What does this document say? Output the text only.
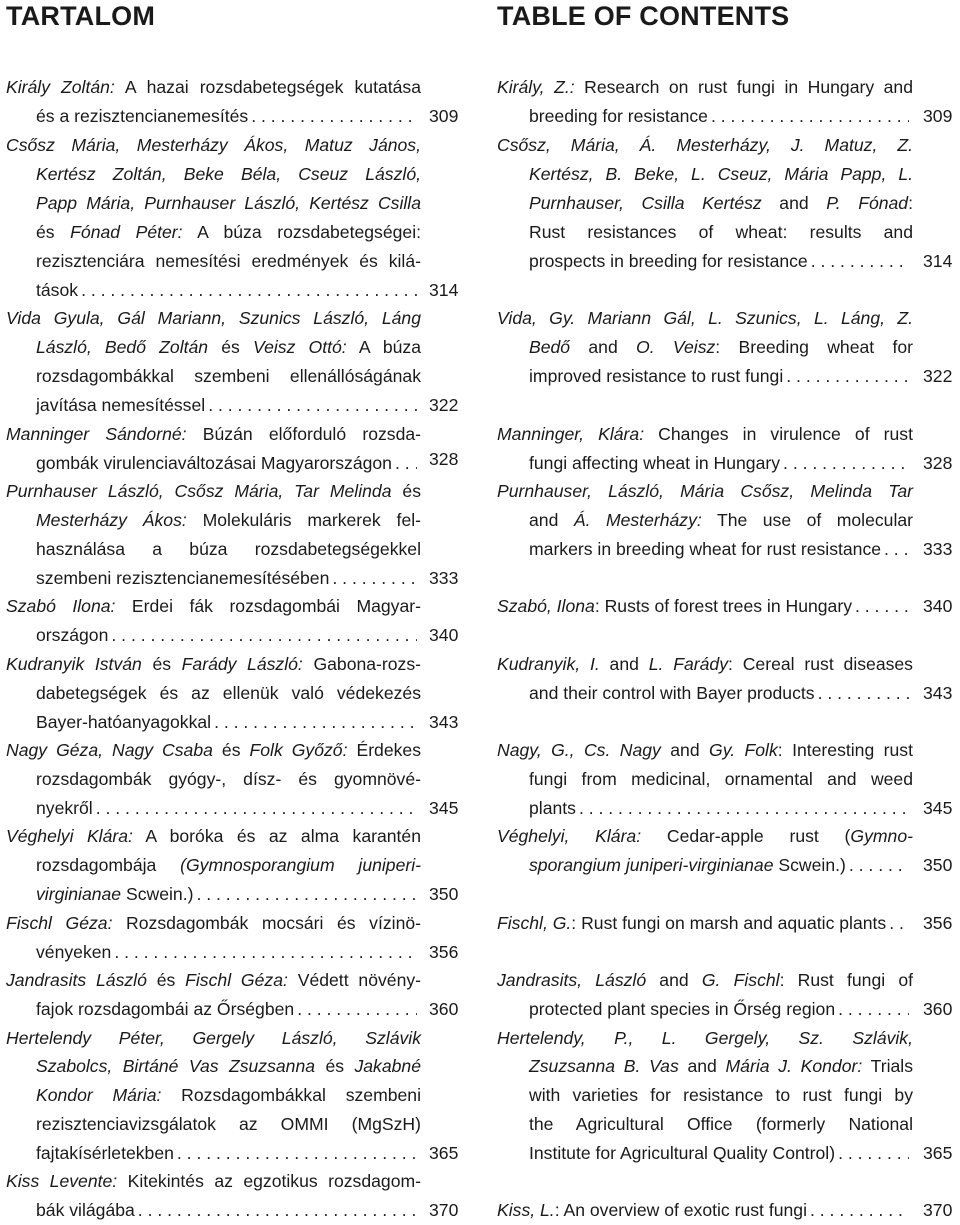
TARTALOM	TABLE OF CONTENTS
Király Zoltán: A hazai rozsdabetegségek kutatása
és a rezisztencianemesítés . . .	309
Csősz Mária, Mesterházy Ákos, Matuz János,
Kertész Zoltán, Beke Béla, Cseuz László,
Papp Mária, Purnhauser László, Kertész Csilla
és Fónad Péter: A búza rozsdabetegségei:
rezisztenciára nemesítési eredmények és kilá-
tások . . .	314
Vida Gyula, Gál Mariann, Szunics László, Láng
László, Bedő Zoltán és Veisz Ottó: A búza
rozsdagombákkal szembeni ellenállóságának
javítása nemesítéssel . . .	322
Manninger Sándorné: Búzán előforduló rozsda-
gombák virulenciaváltozásai Magyarországon . . . 328
Purnhauser László, Csősz Mária, Tar Melinda és
Mesterházy Ákos: Molekuláris markerek fel-
használása a búza rozsdabetegségekkel
szembeni rezisztencianemesítésében . . .	333
Szabó Ilona: Erdei fák rozsdagombái Magyar-
országon . . .	340
Kudranyik István és Farády László: Gabona-rozs-
dabetegségek és az ellenük való védekezés
Bayer-hatóanyagokkal . . .	343
Nagy Géza, Nagy Csaba és Folk Győző: Érdekes
rozsdagombák gyógy-, dísz- és gyomnövé-
nyekről . . .	345
Véghelyi Klára: A boróka és az alma karantén
rozsdagombája (Gymnosporangium juniperi-
virginianae Scwein.) . . .	350
Fischl Géza: Rozsdagombák mocsári és vízinö-
vényeken . . .	356
Jandrasits László és Fischl Géza: Védett növény-
fajok rozsdagombái az Őrségben . . .	360
Hertelendy Péter, Gergely László, Szlávik
Szabolcs, Birtáné Vas Zsuzsanna és Jakabné
Kondor Mária: Rozsdagombákkal szembeni
rezisztenciavizsgálatok az OMMI (MgSzH)
fajtakísérletekben . . .	365
Kiss Levente: Kitekintés az egzotikus rozsdagom-
bák világába . . .	370
Király, Z.: Research on rust fungi in Hungary and
breeding for resistance . . .	309
Csősz, Mária, Á. Mesterházy, J. Matuz, Z.
Kertész, B. Beke, L. Cseuz, Mária Papp, L.
Purnhauser, Csilla Kertész and P. Fónad:
Rust resistances of wheat: results and
prospects in breeding for resistance . . .	314
Vida, Gy. Mariann Gál, L. Szunics, L. Láng, Z.
Bedő and O. Veisz: Breeding wheat for
improved resistance to rust fungi . . .	322
Manninger, Klára: Changes in virulence of rust
fungi affecting wheat in Hungary . . .	328
Purnhauser, László, Mária Csősz, Melinda Tar
and Á. Mesterházy: The use of molecular
markers in breeding wheat for rust resistance . . . 333
Szabó, Ilona: Rusts of forest trees in Hungary . . .	340
Kudranyik, I. and L. Farády: Cereal rust diseases
and their control with Bayer products . . .	343
Nagy, G., Cs. Nagy and Gy. Folk: Interesting rust
fungi from medicinal, ornamental and weed
plants . . .	345
Véghelyi, Klára: Cedar-apple rust (Gymno-
sporangium juniperi-virginianae Scwein.) . . .	350
Fischl, G.: Rust fungi on marsh and aquatic plants . . . 356
Jandrasits, László and G. Fischl: Rust fungi of
protected plant species in Őrség region . . .	360
Hertelendy, P., L. Gergely, Sz. Szlávik,
Zsuzsanna B. Vas and Mária J. Kondor: Trials
with varieties for resistance to rust fungi by
the Agricultural Office (formerly National
Institute for Agricultural Quality Control) . . .	365
Kiss, L.: An overview of exotic rust fungi . . .	370
